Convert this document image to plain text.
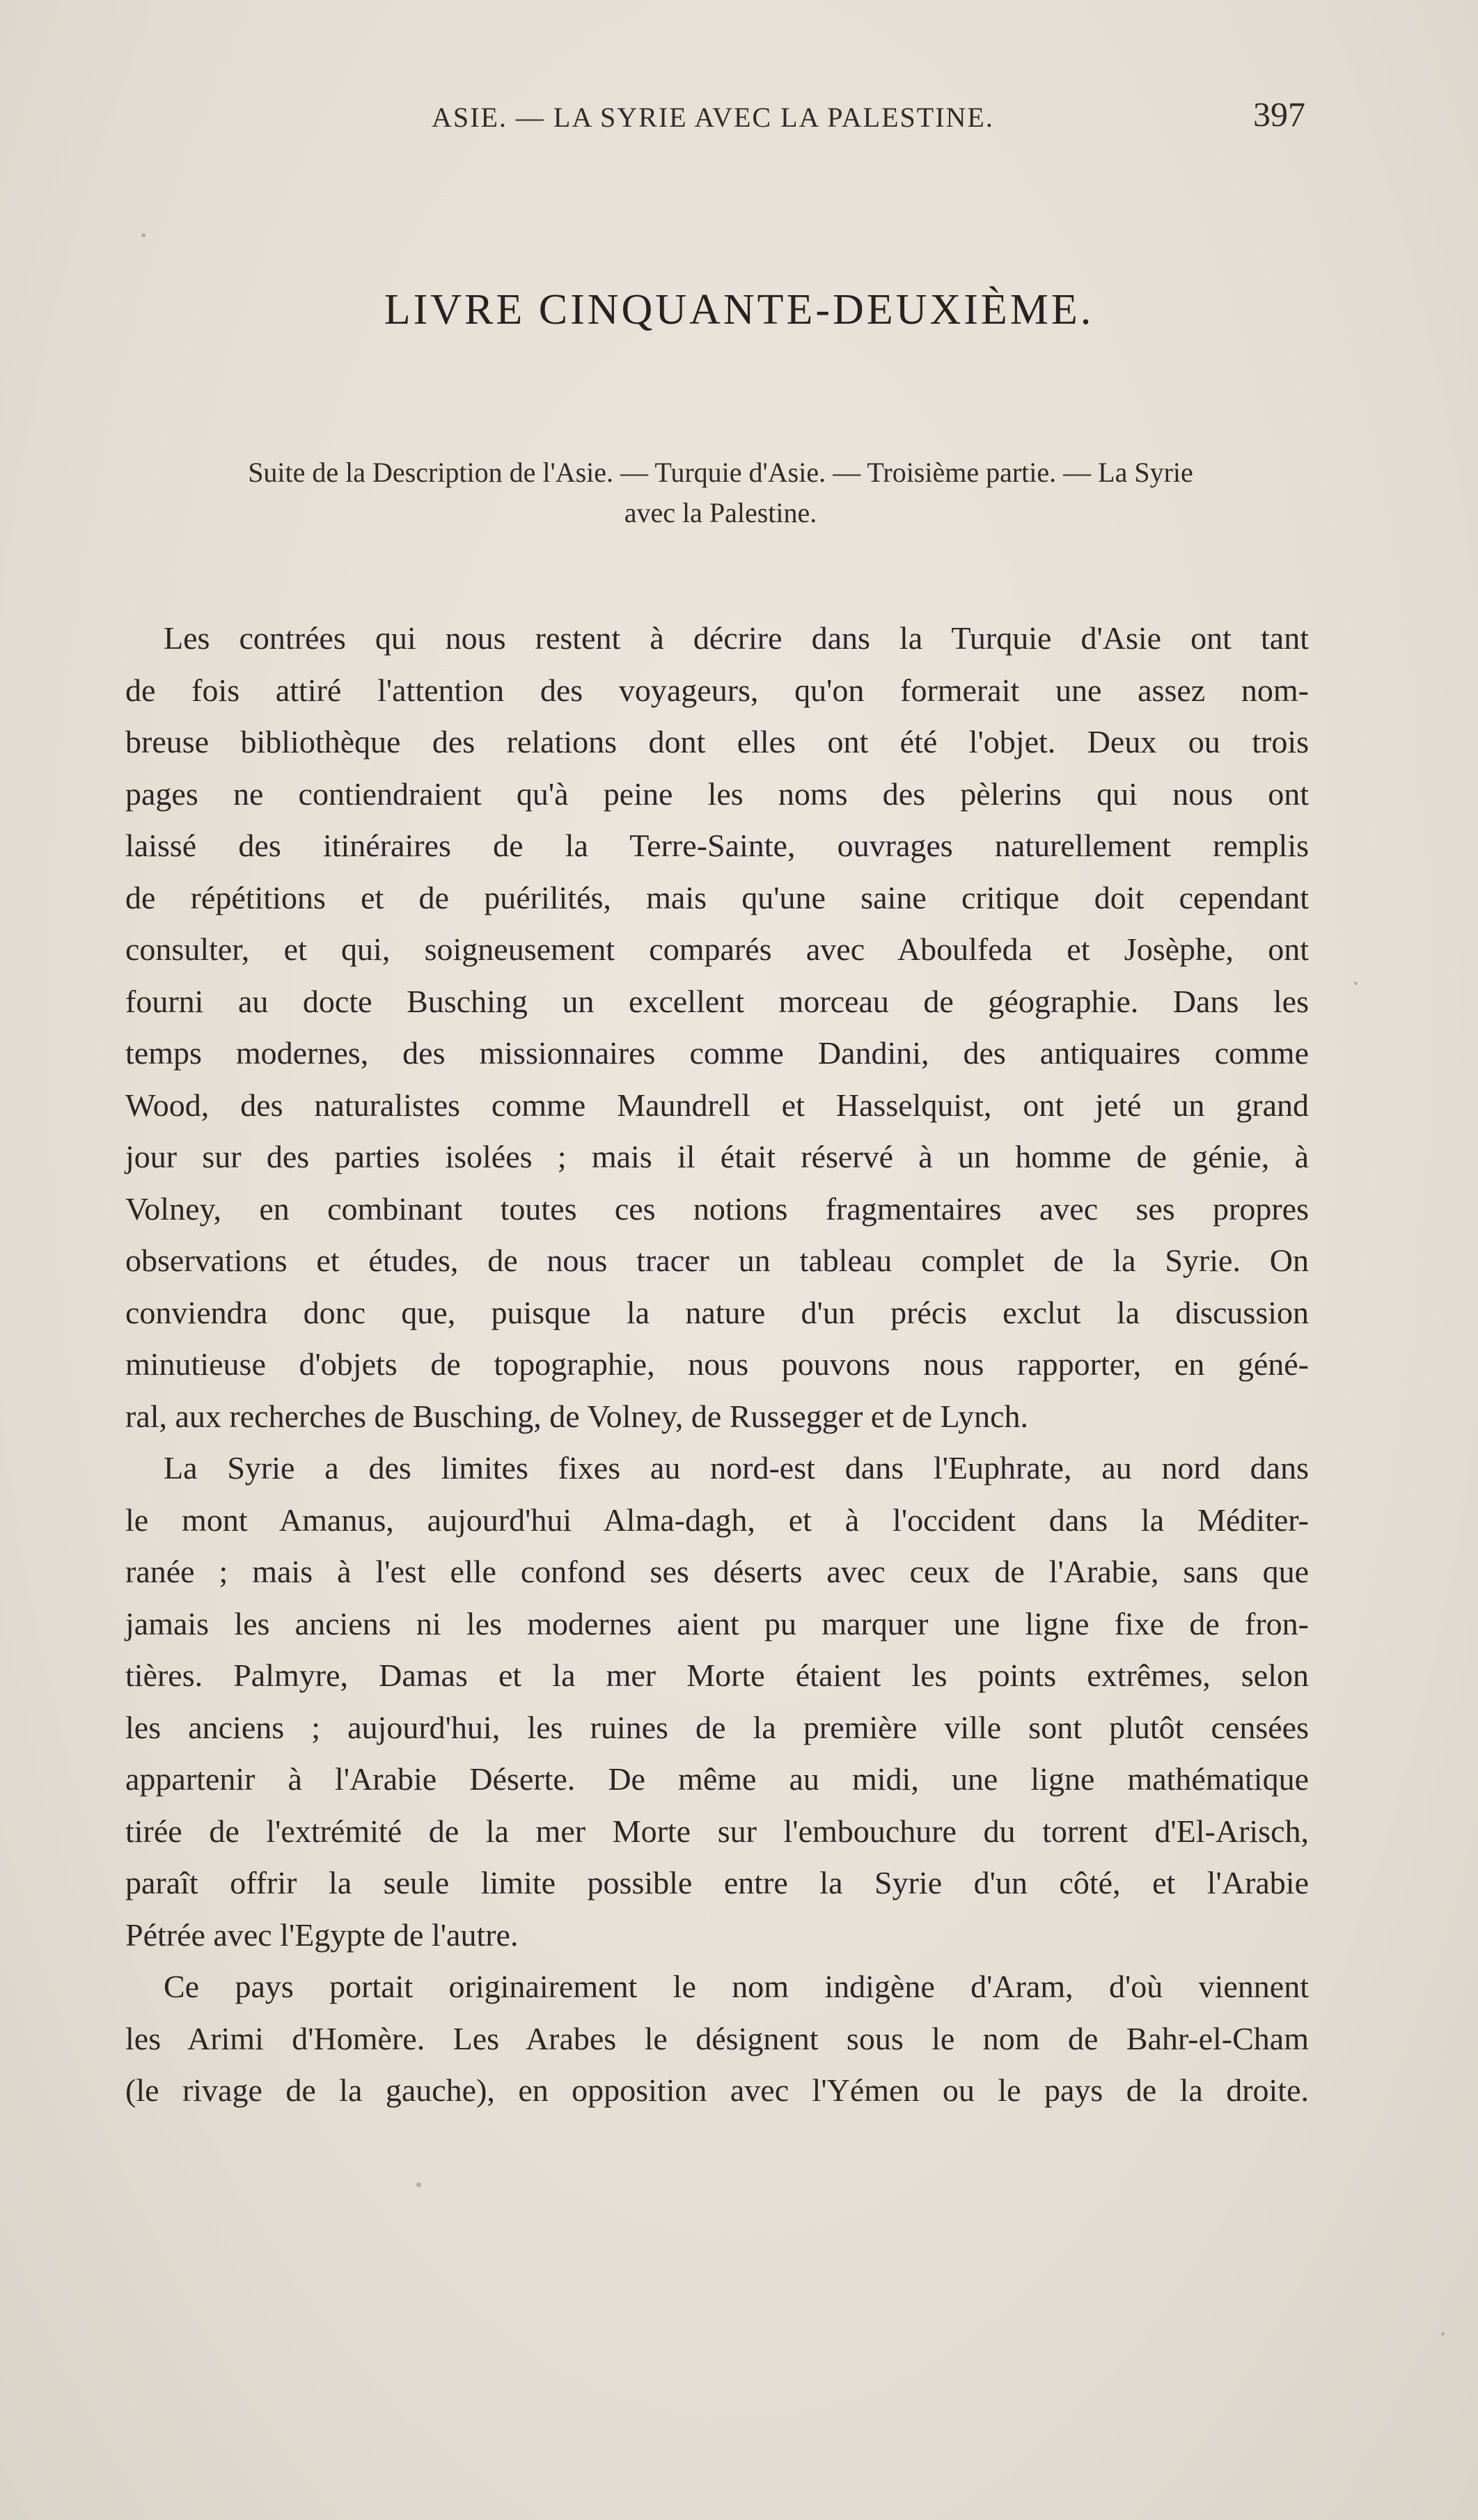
ASIE. — LA SYRIE AVEC LA PALESTINE.	397
LIVRE CINQUANTE-DEUXIÈME.
Suite de la Description de l'Asie. — Turquie d'Asie. — Troisième partie. — La Syrie
avec la Palestine.
Les contrées qui nous restent à décrire dans la Turquie d'Asie ont tant
de fois attiré l'attention des voyageurs, qu'on formerait une assez nom-
breuse bibliothèque des relations dont elles ont été l'objet. Deux ou trois
pages ne contiendraient qu'à peine les noms des pèlerins qui nous ont
laissé des itinéraires de la Terre-Sainte, ouvrages naturellement remplis
de répétitions et de puérilités, mais qu'une saine critique doit cependant
consulter, et qui, soigneusement comparés avec Aboulfeda et Josèphe, ont
fourni au docte Busching un excellent morceau de géographie. Dans les
temps modernes, des missionnaires comme Dandini, des antiquaires comme
Wood, des naturalistes comme Maundrell et Hasselquist, ont jeté un grand
jour sur des parties isolées ; mais il était réservé à un homme de génie, à
Volney, en combinant toutes ces notions fragmentaires avec ses propres
observations et études, de nous tracer un tableau complet de la Syrie. On
conviendra donc que, puisque la nature d'un précis exclut la discussion
minutieuse d'objets de topographie, nous pouvons nous rapporter, en géné-
ral, aux recherches de Busching, de Volney, de Russegger et de Lynch.
La Syrie a des limites fixes au nord-est dans l'Euphrate, au nord dans
le mont Amanus, aujourd'hui Alma-dagh, et à l'occident dans la Méditer-
ranée ; mais à l'est elle confond ses déserts avec ceux de l'Arabie, sans que
jamais les anciens ni les modernes aient pu marquer une ligne fixe de fron-
tières. Palmyre, Damas et la mer Morte étaient les points extrêmes, selon
les anciens ; aujourd'hui, les ruines de la première ville sont plutôt censées
appartenir à l'Arabie Déserte. De même au midi, une ligne mathématique
tirée de l'extrémité de la mer Morte sur l'embouchure du torrent d'El-Arisch,
paraît offrir la seule limite possible entre la Syrie d'un côté, et l'Arabie
Pétrée avec l'Egypte de l'autre.
Ce pays portait originairement le nom indigène d'Aram, d'où viennent
les Arimi d'Homère. Les Arabes le désignent sous le nom de Bahr-el-Cham
(le rivage de la gauche), en opposition avec l'Yémen ou le pays de la droite.
